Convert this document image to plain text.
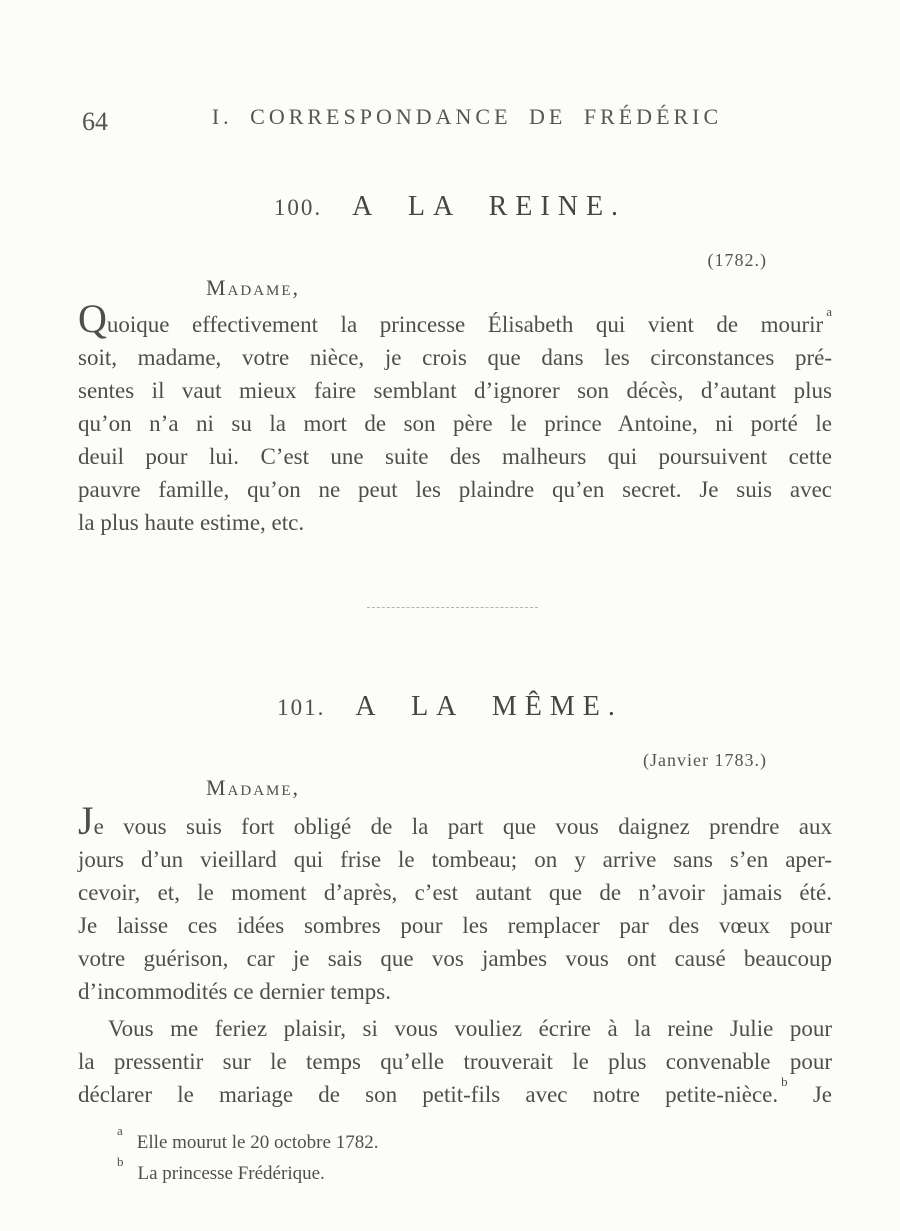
64	I. CORRESPONDANCE DE FRÉDÉRIC
100. A LA REINE.
(1782.)
Madame,
Quoique effectivement la princesse Élisabeth qui vient de mourir$^a$
soit, madame, votre nièce, je crois que dans les circonstances pré-
sentes il vaut mieux faire semblant d’ignorer son décès, d’autant plus
qu’on n’a ni su la mort de son père le prince Antoine, ni porté le
deuil pour lui. C’est une suite des malheurs qui poursuivent cette
pauvre famille, qu’on ne peut les plaindre qu’en secret. Je suis avec
la plus haute estime, etc.
101. A LA MÊME.
(Janvier 1783.)
Madame,
Je vous suis fort obligé de la part que vous daignez prendre aux
jours d’un vieillard qui frise le tombeau; on y arrive sans s’en aper-
cevoir, et, le moment d’après, c’est autant que de n’avoir jamais été.
Je laisse ces idées sombres pour les remplacer par des vœux pour
votre guérison, car je sais que vos jambes vous ont causé beaucoup
d’incommodités ce dernier temps.
Vous me feriez plaisir, si vous vouliez écrire à la reine Julie pour
la pressentir sur le temps qu’elle trouverait le plus convenable pour
déclarer le mariage de son petit-fils avec notre petite-nièce.$^b$ Je
$^a$Elle mourut le 20 octobre 1782.
$^b$La princesse Frédérique.
